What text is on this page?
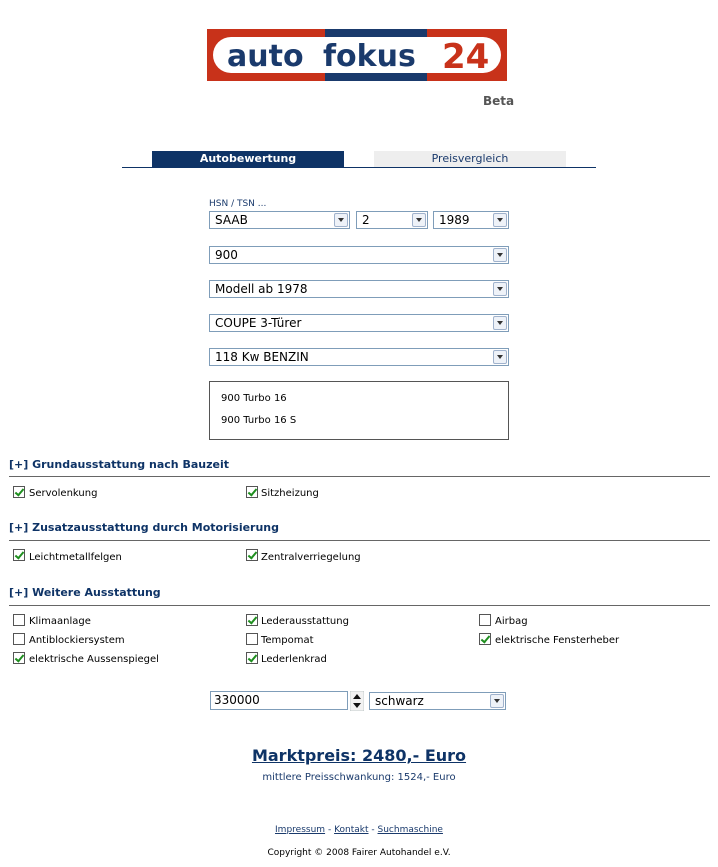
auto fokus 24
Beta
Autobewertung	Preisvergleich
HSN / TSN ...
SAAB	2	1989
900
Modell ab 1978
COUPE 3-Türer
118 Kw BENZIN
900 Turbo 16
900 Turbo 16 S
[+] Grundausstattung nach Bauzeit
Servolenkung	Sitzheizung
[+] Zusatzausstattung durch Motorisierung
Leichtmetallfelgen	Zentralverriegelung
[+] Weitere Ausstattung
Klimaanlage	Lederausstattung	Airbag
Antiblockiersystem	Tempomat	elektrische Fensterheber
elektrische Aussenspiegel	Lederlenkrad
330000	schwarz
Marktpreis: 2480,- Euro
mittlere Preisschwankung: 1524,- Euro
Impressum - Kontakt - Suchmaschine
Copyright © 2008 Fairer Autohandel e.V.
